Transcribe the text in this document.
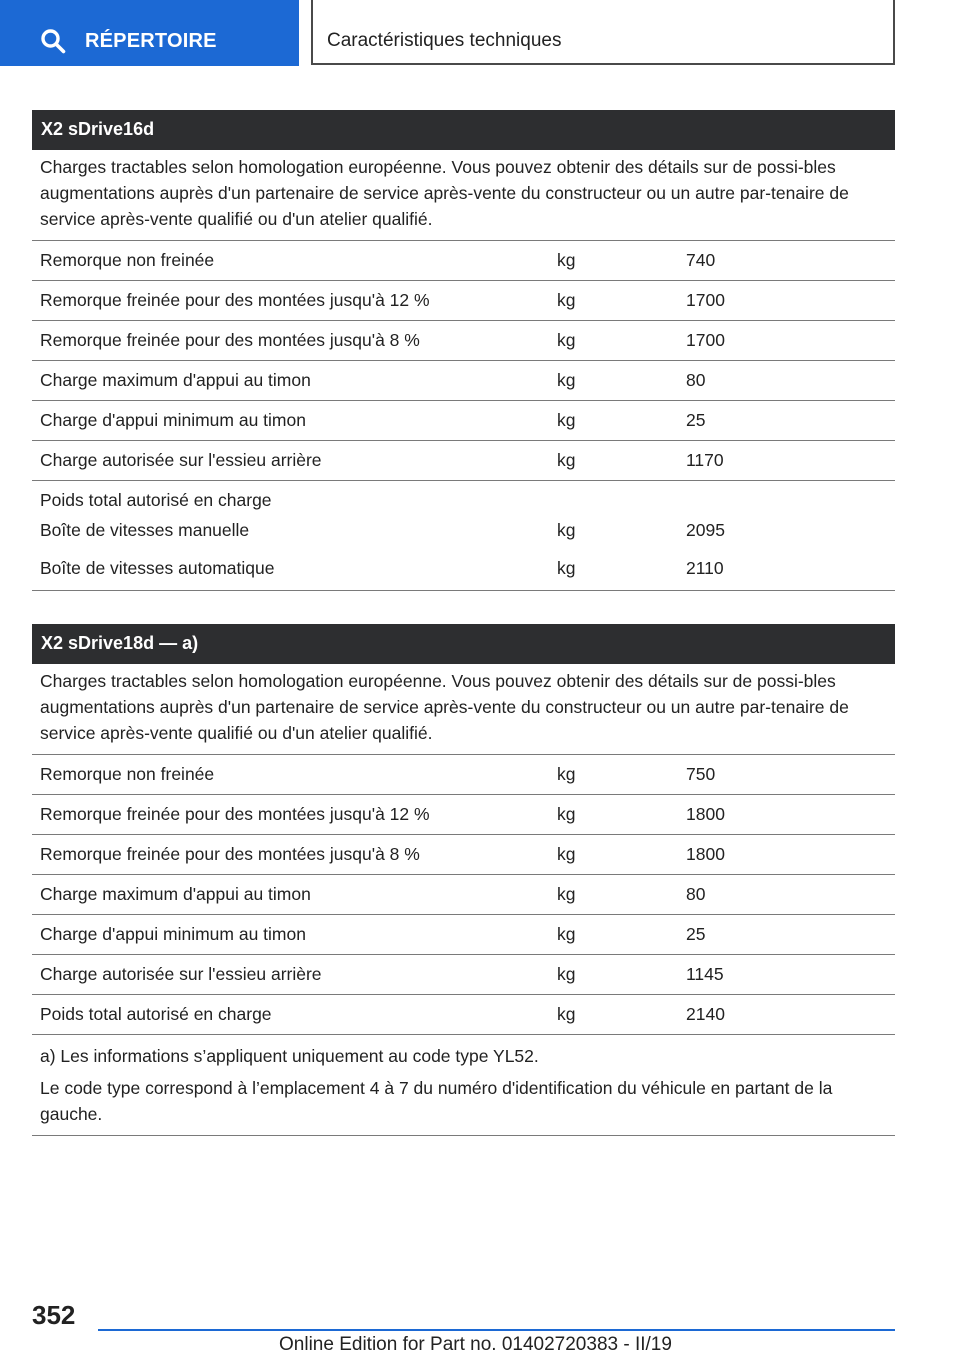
RÉPERTOIRE	Caractéristiques techniques
X2 sDrive16d
Charges tractables selon homologation européenne. Vous pouvez obtenir des détails sur de possi-bles augmentations auprès d'un partenaire de service après-vente du constructeur ou un autre par-tenaire de service après-vente qualifié ou d'un atelier qualifié.
Remorque non freinée	kg	740
Remorque freinée pour des montées jusqu'à 12 %	kg	1700
Remorque freinée pour des montées jusqu'à 8 %	kg	1700
Charge maximum d'appui au timon	kg	80
Charge d'appui minimum au timon	kg	25
Charge autorisée sur l'essieu arrière	kg	1170
Poids total autorisé en charge
Boîte de vitesses manuelle	kg	2095
Boîte de vitesses automatique	kg	2110
X2 sDrive18d — a)
Charges tractables selon homologation européenne. Vous pouvez obtenir des détails sur de possi-bles augmentations auprès d'un partenaire de service après-vente du constructeur ou un autre par-tenaire de service après-vente qualifié ou d'un atelier qualifié.
Remorque non freinée	kg	750
Remorque freinée pour des montées jusqu'à 12 %	kg	1800
Remorque freinée pour des montées jusqu'à 8 %	kg	1800
Charge maximum d'appui au timon	kg	80
Charge d'appui minimum au timon	kg	25
Charge autorisée sur l'essieu arrière	kg	1145
Poids total autorisé en charge	kg	2140

a) Les informations s’appliquent uniquement au code type YL52.

Le code type correspond à l’emplacement 4 à 7 du numéro d'identification du véhicule en partant de la gauche.

352
Online Edition for Part no. 01402720383 - II/19
